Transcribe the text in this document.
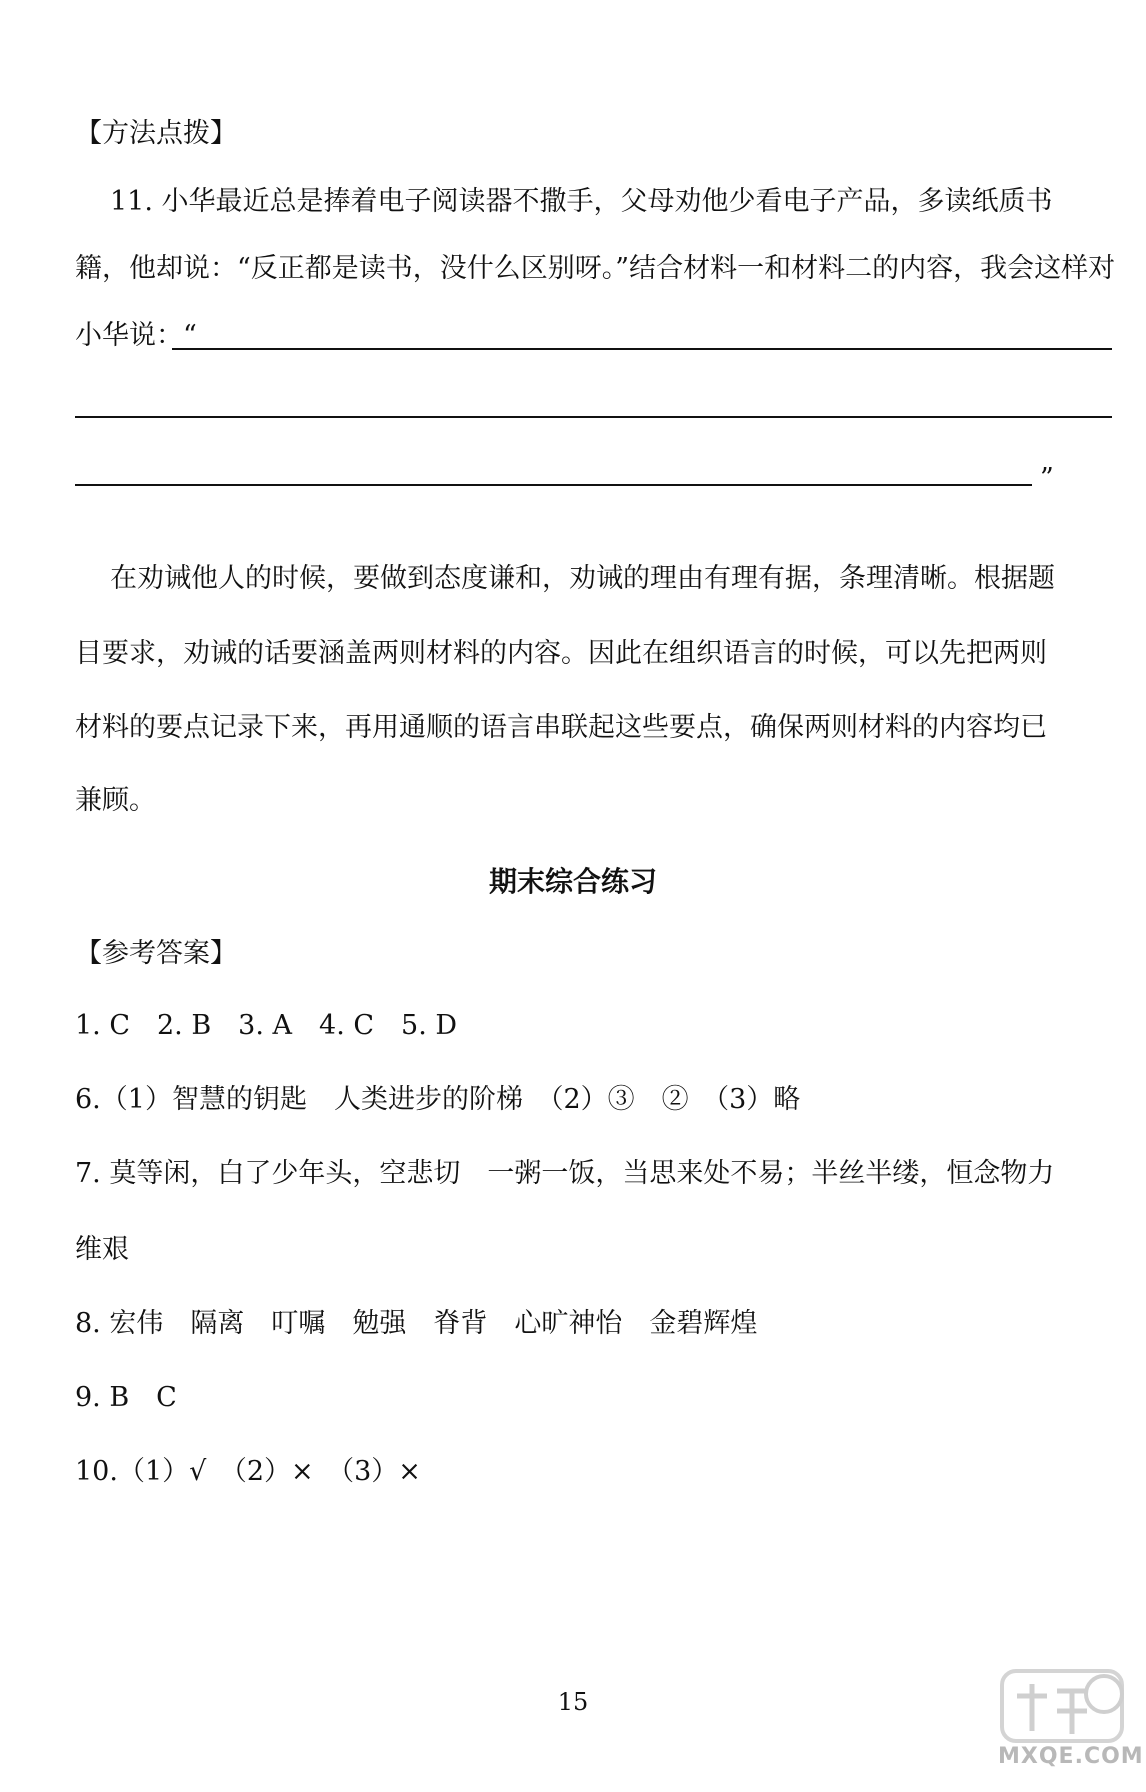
【方法点拨】
11. 小华最近总是捧着电子阅读器不撒手，父母劝他少看电子产品，多读纸质书
籍，他却说：“反正都是读书，没什么区别呀。”结合材料一和材料二的内容，我会这样对
小华说：“
”
在劝诫他人的时候，要做到态度谦和，劝诫的理由有理有据，条理清晰。根据题
目要求，劝诫的话要涵盖两则材料的内容。因此在组织语言的时候，可以先把两则
材料的要点记录下来，再用通顺的语言串联起这些要点，确保两则材料的内容均已
兼顾。
期末综合练习
【参考答案】
1. C　2. B　3. A　4. C　5. D
6.（1）智慧的钥匙　人类进步的阶梯　（2）③　②　（3）略
7. 莫等闲，白了少年头，空悲切　一粥一饭，当思来处不易；半丝半缕，恒念物力
维艰
8. 宏伟　隔离　叮嘱　勉强　脊背　心旷神怡　金碧辉煌
9. B　C
10.（1）√　（2）×　（3）×
15
MXQE.COM
